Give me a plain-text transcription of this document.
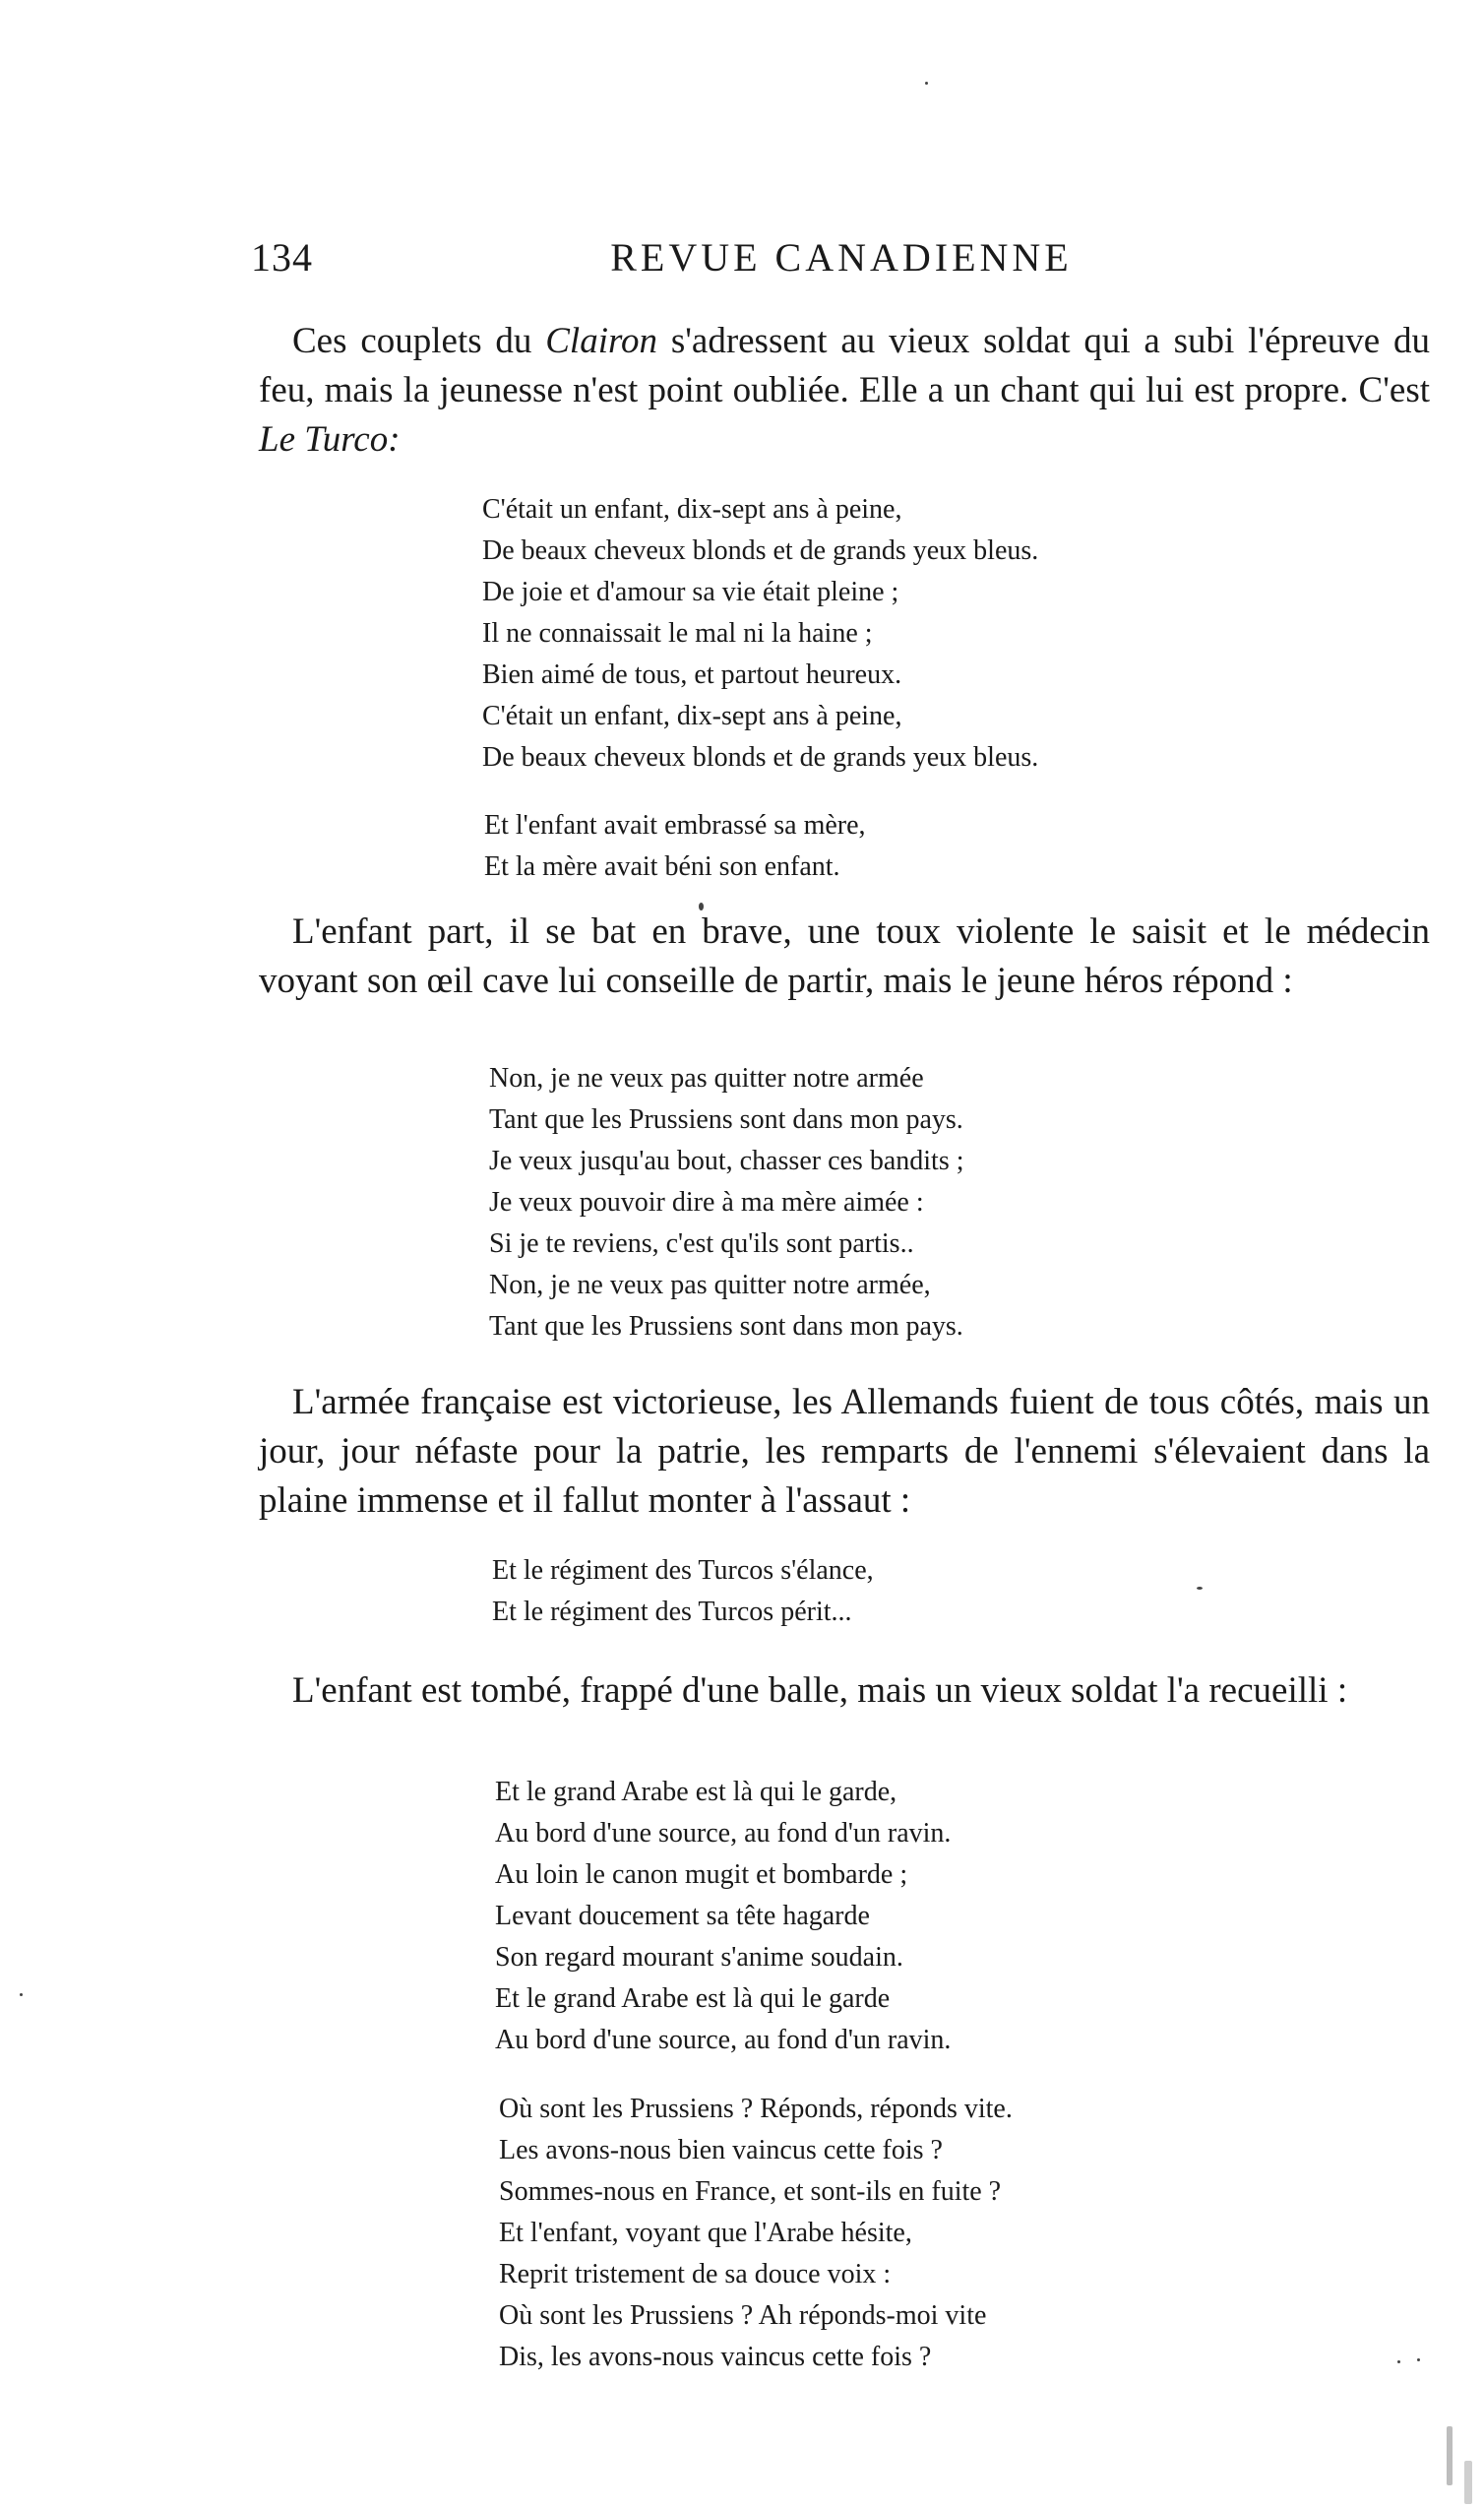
134	REVUE CANADIENNE

Ces couplets du Clairon s'adressent au vieux soldat qui a subi l'épreuve du feu, mais la jeunesse n'est point oubliée. Elle a un chant qui lui est propre. C'est Le Turco:

C'était un enfant, dix-sept ans à peine,
De beaux cheveux blonds et de grands yeux bleus.
De joie et d'amour sa vie était pleine ;
Il ne connaissait le mal ni la haine ;
Bien aimé de tous, et partout heureux.
C'était un enfant, dix-sept ans à peine,
De beaux cheveux blonds et de grands yeux bleus.
Et l'enfant avait embrassé sa mère,
Et la mère avait béni son enfant.

L'enfant part, il se bat en brave, une toux violente le saisit et le médecin voyant son œil cave lui conseille de partir, mais le jeune héros répond :

Non, je ne veux pas quitter notre armée
Tant que les Prussiens sont dans mon pays.
Je veux jusqu'au bout, chasser ces bandits ;
Je veux pouvoir dire à ma mère aimée :
Si je te reviens, c'est qu'ils sont partis..
Non, je ne veux pas quitter notre armée,
Tant que les Prussiens sont dans mon pays.

L'armée française est victorieuse, les Allemands fuient de tous côtés, mais un jour, jour néfaste pour la patrie, les remparts de l'ennemi s'élevaient dans la plaine immense et il fallut monter à l'assaut :

Et le régiment des Turcos s'élance,
Et le régiment des Turcos périt...

L'enfant est tombé, frappé d'une balle, mais un vieux soldat l'a recueilli :

Et le grand Arabe est là qui le garde,
Au bord d'une source, au fond d'un ravin.
Au loin le canon mugit et bombarde ;
Levant doucement sa tête hagarde
Son regard mourant s'anime soudain.
Et le grand Arabe est là qui le garde
Au bord d'une source, au fond d'un ravin.
Où sont les Prussiens ? Réponds, réponds vite.
Les avons-nous bien vaincus cette fois ?
Sommes-nous en France, et sont-ils en fuite ?
Et l'enfant, voyant que l'Arabe hésite,
Reprit tristement de sa douce voix :
Où sont les Prussiens ? Ah réponds-moi vite
Dis, les avons-nous vaincus cette fois ?
